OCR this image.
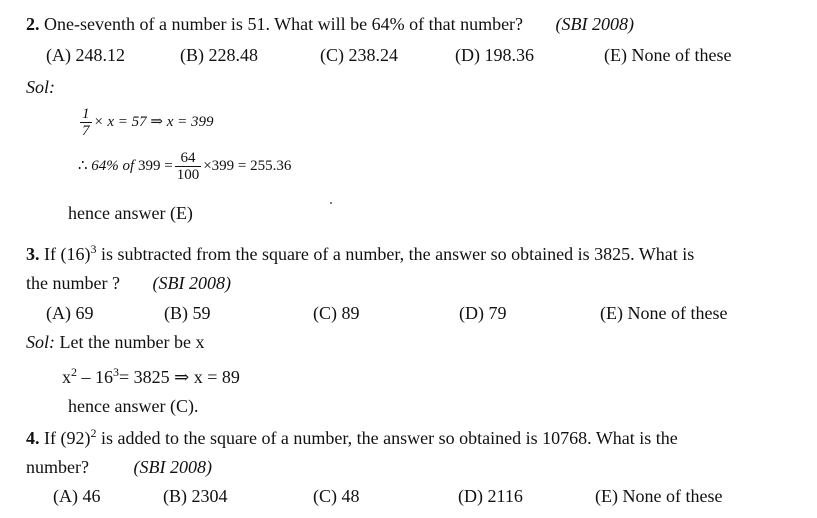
2. One-seventh of a number is 51. What will be 64% of that number? (SBI 2008)
(A) 248.12	(B) 228.48	(C) 238.24	(D) 198.36	(E) None of these
Sol:
$\frac{1}{7} \times x = 57$ ⇒ x = 399
∴ 64% of $399 = \frac{64}{100} \times 399 = 255.36$
hence answer (E)
3. If $(16)^3$ is subtracted from the square of a number, the answer so obtained is 3825. What is
the number ? (SBI 2008)
(A) 69	(B) 59	(C) 89	(D) 79	(E) None of these
Sol: Let the number be x
$x^2 - 16^3= 3825$ ⇒ x = 89
hence answer (C).
4. If $(92)^2$ is added to the square of a number, the answer so obtained is 10768. What is the
number? (SBI 2008)
(A) 46	(B) 2304	(C) 48	(D) 2116	(E) None of these
